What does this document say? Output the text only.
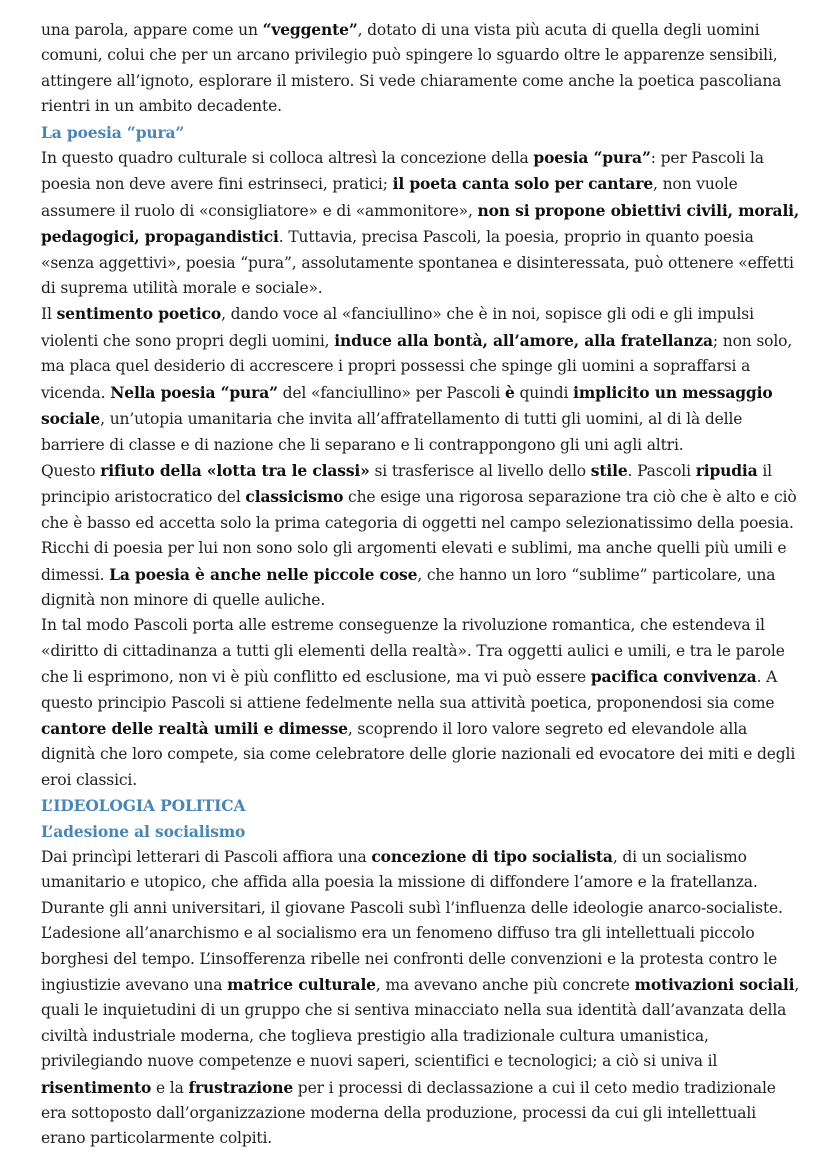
una parola, appare come un “veggente”, dotato di una vista più acuta di quella degli uomini comuni, colui che per un arcano privilegio può spingere lo sguardo oltre le apparenze sensibili, attingere all’ignoto, esplorare il mistero. Si vede chiaramente come anche la poetica pascoliana rientri in un ambito decadente.

La poesia “pura”

In questo quadro culturale si colloca altresì la concezione della poesia “pura”: per Pascoli la poesia non deve avere fini estrinseci, pratici; il poeta canta solo per cantare, non vuole assumere il ruolo di «consigliatore» e di «ammonitore», non si propone obiettivi civili, morali, pedagogici, propagandistici. Tuttavia, precisa Pascoli, la poesia, proprio in quanto poesia «senza aggettivi», poesia “pura”, assolutamente spontanea e disinteressata, può ottenere «effetti di suprema utilità morale e sociale».

Il sentimento poetico, dando voce al «fanciullino» che è in noi, sopisce gli odi e gli impulsi violenti che sono propri degli uomini, induce alla bontà, all’amore, alla fratellanza; non solo, ma placa quel desiderio di accrescere i propri possessi che spinge gli uomini a sopraffarsi a vicenda. Nella poesia “pura” del «fanciullino» per Pascoli è quindi implicito un messaggio sociale, un’utopia umanitaria che invita all’affratellamento di tutti gli uomini, al di là delle barriere di classe e di nazione che li separano e li contrappongono gli uni agli altri.

Questo rifiuto della «lotta tra le classi» si trasferisce al livello dello stile. Pascoli ripudia il principio aristocratico del classicismo che esige una rigorosa separazione tra ciò che è alto e ciò che è basso ed accetta solo la prima categoria di oggetti nel campo selezionatissimo della poesia. Ricchi di poesia per lui non sono solo gli argomenti elevati e sublimi, ma anche quelli più umili e dimessi. La poesia è anche nelle piccole cose, che hanno un loro “sublime” particolare, una dignità non minore di quelle auliche.

In tal modo Pascoli porta alle estreme conseguenze la rivoluzione romantica, che estendeva il «diritto di cittadinanza a tutti gli elementi della realtà». Tra oggetti aulici e umili, e tra le parole che li esprimono, non vi è più conflitto ed esclusione, ma vi può essere pacifica convivenza. A questo principio Pascoli si attiene fedelmente nella sua attività poetica, proponendosi sia come cantore delle realtà umili e dimesse, scoprendo il loro valore segreto ed elevandole alla dignità che loro compete, sia come celebratore delle glorie nazionali ed evocatore dei miti e degli eroi classici.

L’IDEOLOGIA POLITICA
L’adesione al socialismo

Dai princìpi letterari di Pascoli affiora una concezione di tipo socialista, di un socialismo umanitario e utopico, che affida alla poesia la missione di diffondere l’amore e la fratellanza. Durante gli anni universitari, il giovane Pascoli subì l’influenza delle ideologie anarco-socialiste. L’adesione all’anarchismo e al socialismo era un fenomeno diffuso tra gli intellettuali piccolo borghesi del tempo. L’insofferenza ribelle nei confronti delle convenzioni e la protesta contro le ingiustizie avevano una matrice culturale, ma avevano anche più concrete motivazioni sociali, quali le inquietudini di un gruppo che si sentiva minacciato nella sua identità dall’avanzata della civiltà industriale moderna, che toglieva prestigio alla tradizionale cultura umanistica, privilegiando nuove competenze e nuovi saperi, scientifici e tecnologici; a ciò si univa il risentimento e la frustrazione per i processi di declassazione a cui il ceto medio tradizionale era sottoposto dall’organizzazione moderna della produzione, processi da cui gli intellettuali erano particolarmente colpiti.
